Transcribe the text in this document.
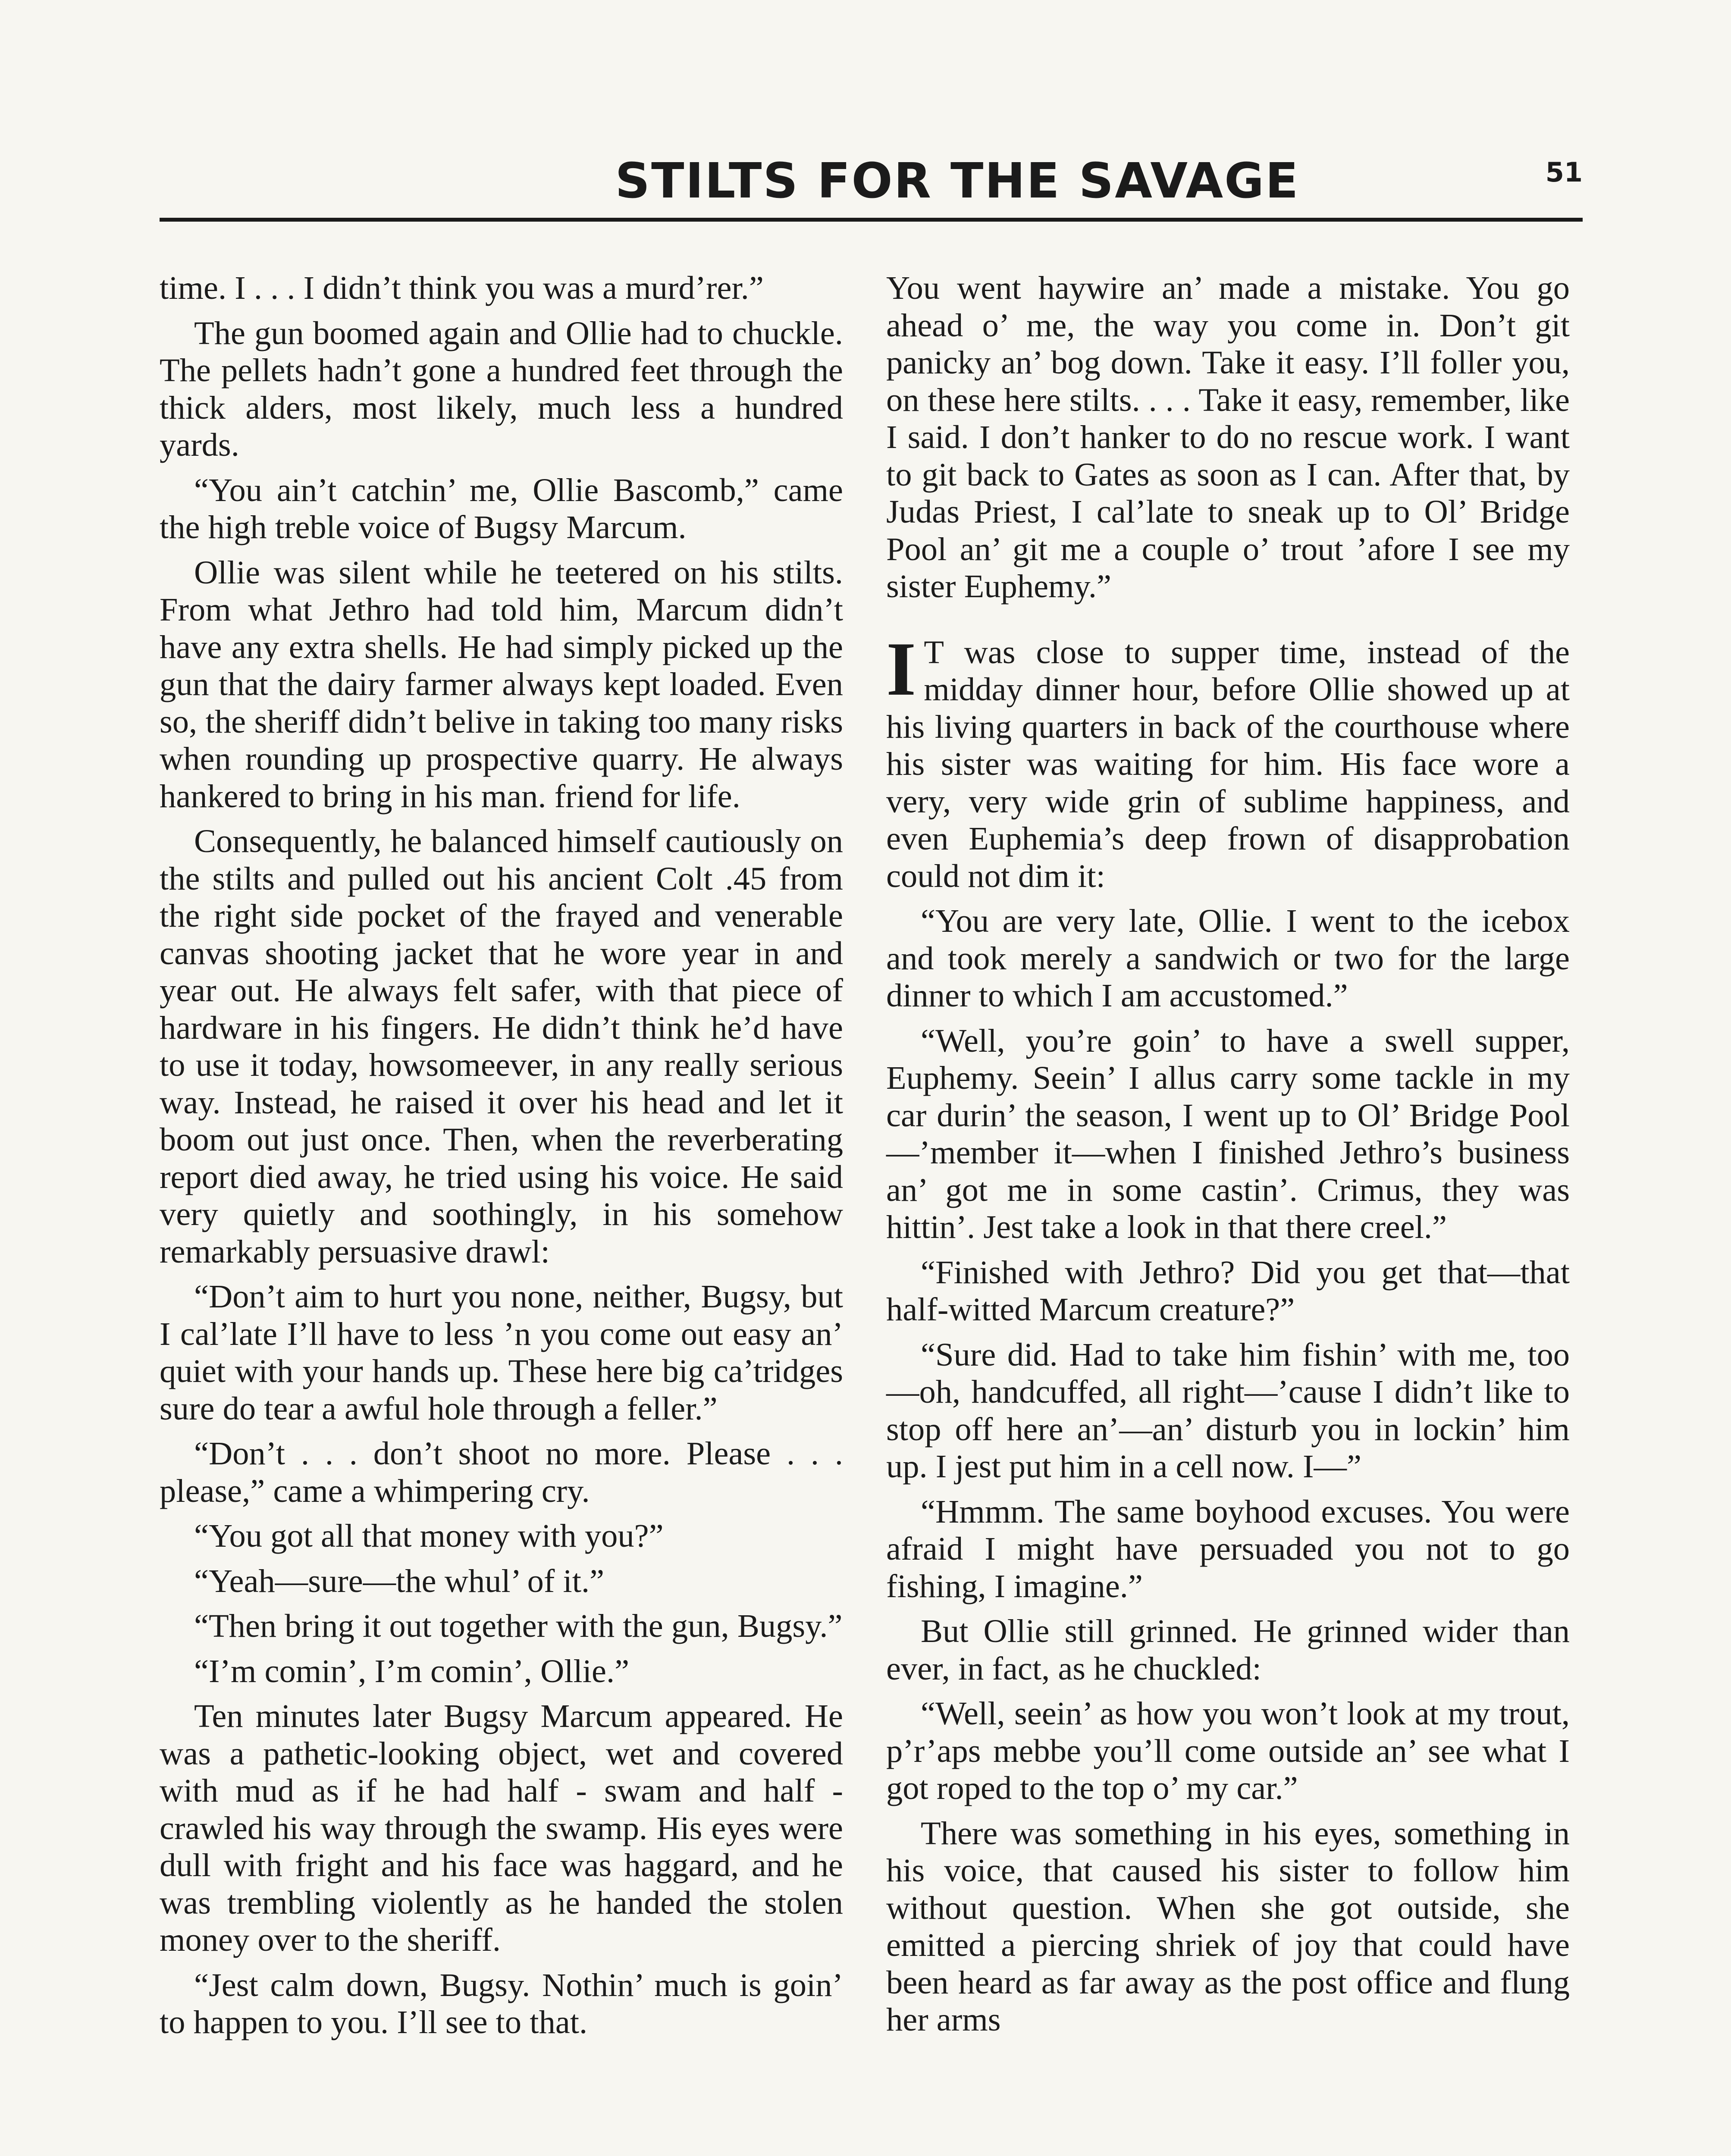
STILTS FOR THE SAVAGE	51

time. I . . . I didn’t think you was a murd’rer.”

The gun boomed again and Ollie had to chuckle. The pellets hadn’t gone a hundred feet through the thick alders, most likely, much less a hundred yards.

“You ain’t catchin’ me, Ollie Bascomb,” came the high treble voice of Bugsy Marcum.

Ollie was silent while he teetered on his stilts. From what Jethro had told him, Marcum didn’t have any extra shells. He had simply picked up the gun that the dairy farmer always kept loaded. Even so, the sheriff didn’t belive in taking too many risks when rounding up prospective quarry. He always hankered to bring in his man. friend for life.

Consequently, he balanced himself cautiously on the stilts and pulled out his ancient Colt .45 from the right side pocket of the frayed and venerable canvas shooting jacket that he wore year in and year out. He always felt safer, with that piece of hardware in his fingers. He didn’t think he’d have to use it today, howsomeever, in any really serious way. Instead, he raised it over his head and let it boom out just once. Then, when the reverberating report died away, he tried using his voice. He said very quietly and soothingly, in his somehow remarkably persuasive drawl:

“Don’t aim to hurt you none, neither, Bugsy, but I cal’late I’ll have to less ’n you come out easy an’ quiet with your hands up. These here big ca’tridges sure do tear a awful hole through a feller.”

“Don’t . . . don’t shoot no more. Please . . . please,” came a whimpering cry.

“You got all that money with you?”

“Yeah—sure—the whul’ of it.”

“Then bring it out together with the gun, Bugsy.”

“I’m comin’, I’m comin’, Ollie.”

Ten minutes later Bugsy Marcum appeared. He was a pathetic-looking object, wet and covered with mud as if he had half - swam and half - crawled his way through the swamp. His eyes were dull with fright and his face was haggard, and he was trembling violently as he handed the stolen money over to the sheriff.

“Jest calm down, Bugsy. Nothin’ much is goin’ to happen to you. I’ll see to that.

You went haywire an’ made a mistake. You go ahead o’ me, the way you come in. Don’t git panicky an’ bog down. Take it easy. I’ll foller you, on these here stilts. . . . Take it easy, remember, like I said. I don’t hanker to do no rescue work. I want to git back to Gates as soon as I can. After that, by Judas Priest, I cal’late to sneak up to Ol’ Bridge Pool an’ git me a couple o’ trout ’afore I see my sister Euphemy.”

I T was close to supper time, instead of the midday dinner hour, before Ollie showed up at his living quarters in back of the courthouse where his sister was waiting for him. His face wore a very, very wide grin of sublime happiness, and even Euphemia’s deep frown of disapprobation could not dim it:

“You are very late, Ollie. I went to the icebox and took merely a sandwich or two for the large dinner to which I am accustomed.”

“Well, you’re goin’ to have a swell supper, Euphemy. Seein’ I allus carry some tackle in my car durin’ the season, I went up to Ol’ Bridge Pool—’member it—when I finished Jethro’s business an’ got me in some castin’. Crimus, they was hittin’. Jest take a look in that there creel.”

“Finished with Jethro? Did you get that—that half-witted Marcum creature?”

“Sure did. Had to take him fishin’ with me, too—oh, handcuffed, all right—’cause I didn’t like to stop off here an’—an’ disturb you in lockin’ him up. I jest put him in a cell now. I—”

“Hmmm. The same boyhood excuses. You were afraid I might have persuaded you not to go fishing, I imagine.”

But Ollie still grinned. He grinned wider than ever, in fact, as he chuckled:

“Well, seein’ as how you won’t look at my trout, p’r’aps mebbe you’ll come outside an’ see what I got roped to the top o’ my car.”

There was something in his eyes, something in his voice, that caused his sister to follow him without question. When she got outside, she emitted a piercing shriek of joy that could have been heard as far away as the post office and flung her arms
